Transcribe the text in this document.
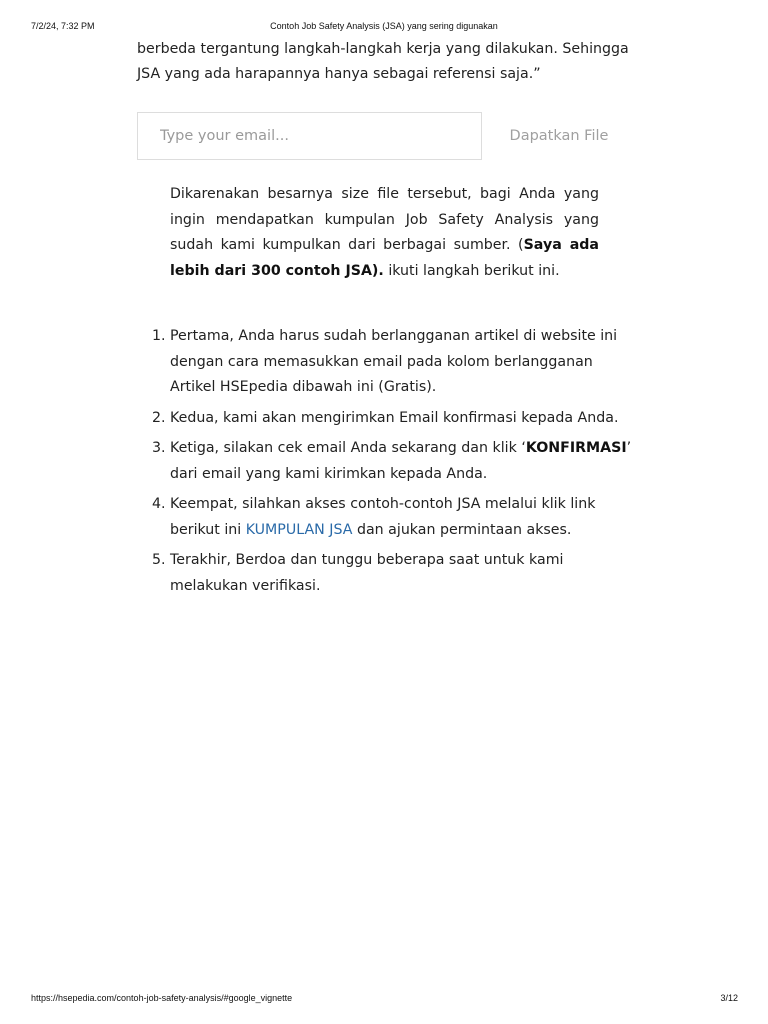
7/2/24, 7:32 PM	Contoh Job Safety Analysis (JSA) yang sering digunakan

berbeda tergantung langkah-langkah kerja yang dilakukan. Sehingga JSA yang ada harapannya hanya sebagai referensi saja.”

Type your email...
Dapatkan File

Dikarenakan besarnya size file tersebut, bagi Anda yang ingin mendapatkan kumpulan Job Safety Analysis yang sudah kami kumpulkan dari berbagai sumber. (Saya ada lebih dari 300 contoh JSA). ikuti langkah berikut ini.

1. Pertama, Anda harus sudah berlangganan artikel di website ini dengan cara memasukkan email pada kolom berlangganan Artikel HSEpedia dibawah ini (Gratis).
2. Kedua, kami akan mengirimkan Email konfirmasi kepada Anda.
3. Ketiga, silakan cek email Anda sekarang dan klik ‘KONFIRMASI’ dari email yang kami kirimkan kepada Anda.
4. Keempat, silahkan akses contoh-contoh JSA melalui klik link berikut ini KUMPULAN JSA dan ajukan permintaan akses.
5. Terakhir, Berdoa dan tunggu beberapa saat untuk kami melakukan verifikasi.
https://hsepedia.com/contoh-job-safety-analysis/#google_vignette	3/12
